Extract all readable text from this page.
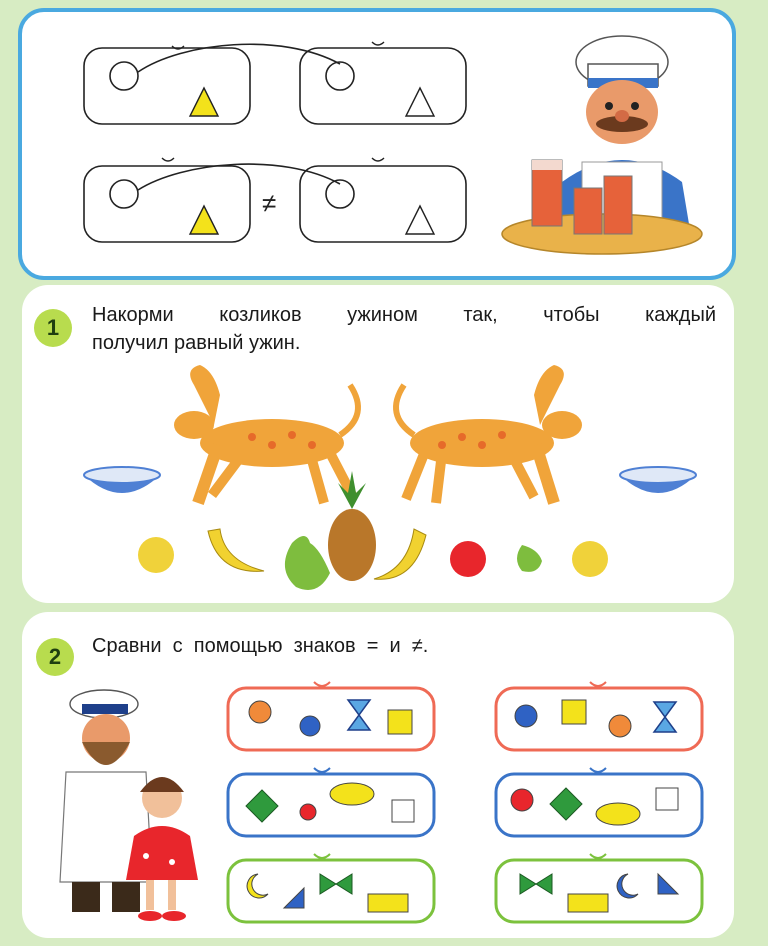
≠
1	Накорми козликов ужином так, чтобы каждый
получил равный ужин.
2	Сравни  с  помощью  знаков  =  и  ≠.
